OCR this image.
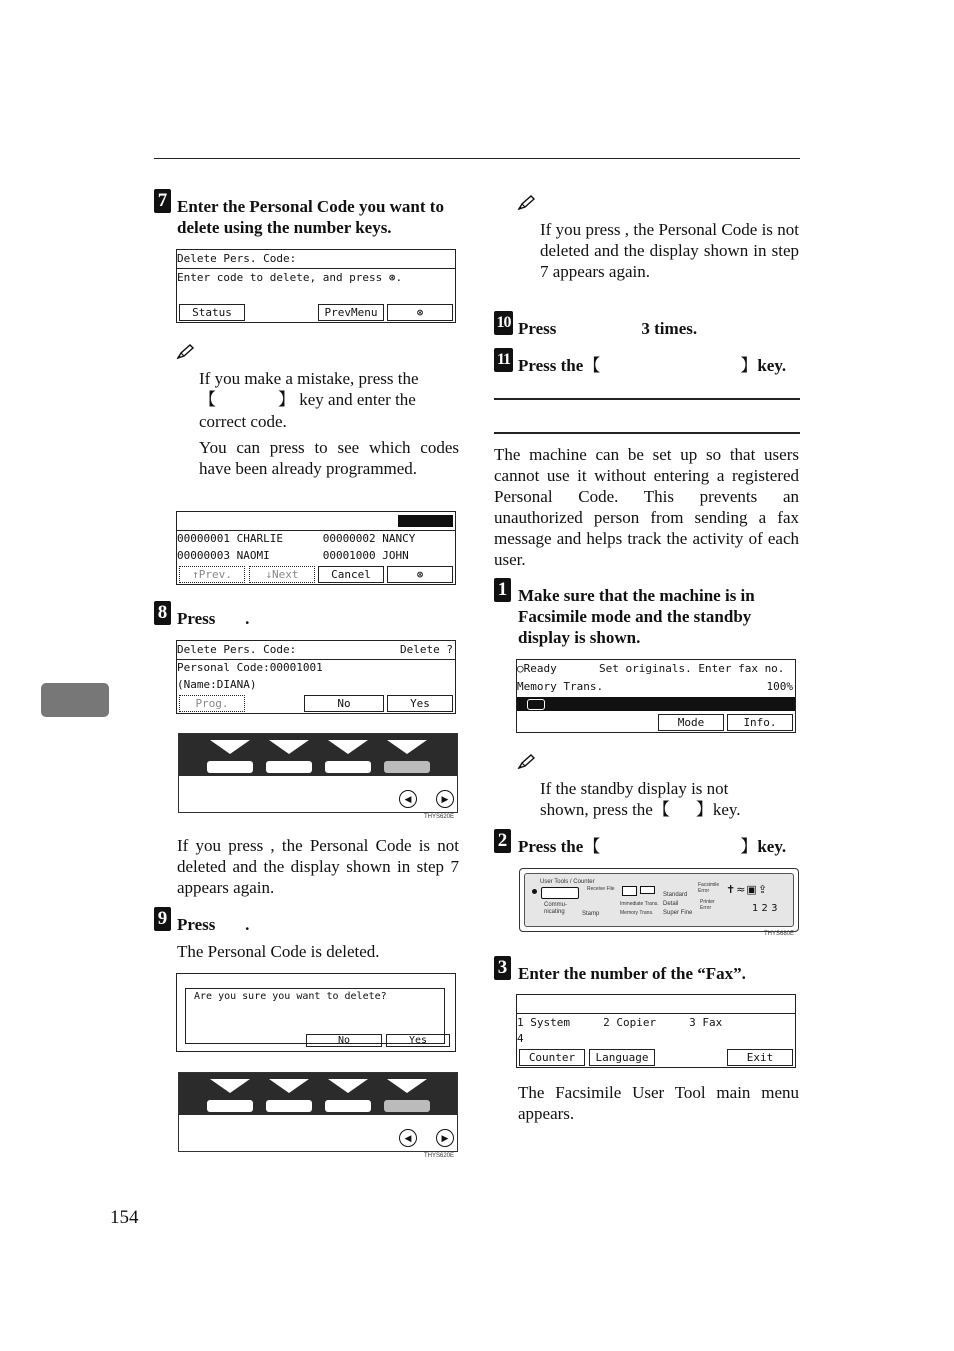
7 Enter the Personal Code you want to delete using the number keys.
Delete Pers. Code:
Enter code to delete, and press ⊛.

Status	PrevMenu	⊛
If you make a mistake, press the
【	】 key and enter the
correct code.
You can press to see which codes have been already programmed.

00000001 CHARLIE      00000002 NANCY
00000003 NAOMI        00001000 JOHN
↑Prev.	↓Next	Cancel	⊛
8 Press       .
Delete Pers. Code:	Delete ?
Personal Code:00001001
(Name:DIANA)
Prog.	No	Yes
◀	▶
THYS620E
If you press , the Personal Code is not deleted and the display shown in step 7 appears again.
9 Press       .
The Personal Code is deleted.
Are you sure you want to delete?
No	Yes
◀	▶
THYS620E
154
If you press , the Personal Code is not deleted and the display shown in step 7 appears again.
10 Press                    3 times.
11 Press the【	】key.
The machine can be set up so that users cannot use it without entering a registered Personal Code. This prevents an unauthorized person from sending a fax message and helps track the activity of each user.
1 Make sure that the machine is in Facsimile mode and the standby display is shown.
○Ready	Set originals. Enter fax no.
Memory Trans.	100%

Mode	Info.
If the standby display is not
shown, press the【 】key.
2 Press the【	】key.
User Tools / Counter
Commu-
nicating	Stamp
Receive File
Standard
Detail
Super Fine
Immediate Trans.
Memory Trans.
Facsimile Error
Printer Error
✝≈▣⇪
1 2 3
THYS680E
3 Enter the number of the “Fax”.

1 System     2 Copier     3 Fax
4
Counter	Language	Exit
The Facsimile User Tool main menu appears.
